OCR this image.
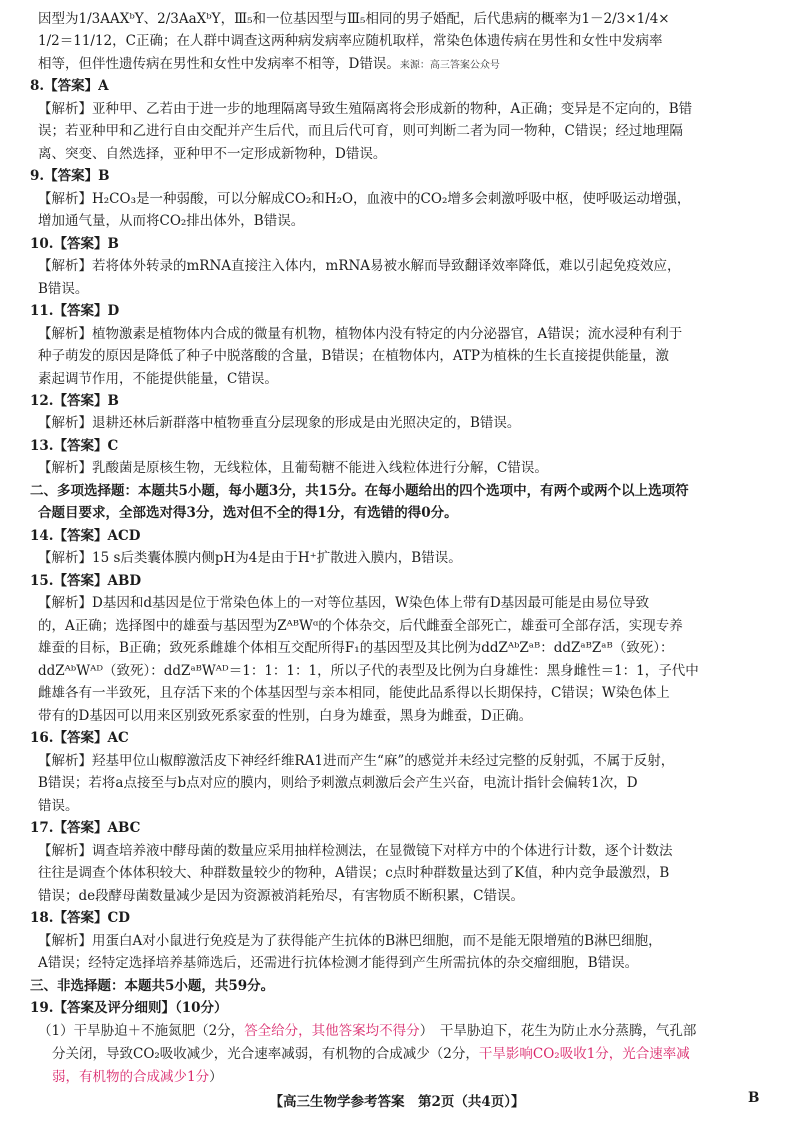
因型为1/3AAXᵇY、2/3AaXᵇY，Ⅲ₅和一位基因型与Ⅲ₅相同的男子婚配，后代患病的概率为1－2/3×1/4×
1/2＝11/12，C正确；在人群中调查这两种病发病率应随机取样，常染色体遗传病在男性和女性中发病率
相等，但伴性遗传病在男性和女性中发病率不相等，D错误。来源：高三答案公众号
8.【答案】A
【解析】亚种甲、乙若由于进一步的地理隔离导致生殖隔离将会形成新的物种，A正确；变异是不定向的，B错
误；若亚种甲和乙进行自由交配并产生后代，而且后代可育，则可判断二者为同一物种，C错误；经过地理隔
离、突变、自然选择，亚种甲不一定形成新物种，D错误。
9.【答案】B
【解析】H₂CO₃是一种弱酸，可以分解成CO₂和H₂O，血液中的CO₂增多会刺激呼吸中枢，使呼吸运动增强，
增加通气量，从而将CO₂排出体外，B错误。
10.【答案】B
【解析】若将体外转录的mRNA直接注入体内，mRNA易被水解而导致翻译效率降低，难以引起免疫效应，
B错误。
11.【答案】D
【解析】植物激素是植物体内合成的微量有机物，植物体内没有特定的内分泌器官，A错误；流水浸种有利于
种子萌发的原因是降低了种子中脱落酸的含量，B错误；在植物体内，ATP为植株的生长直接提供能量，激
素起调节作用，不能提供能量，C错误。
12.【答案】B
【解析】退耕还林后新群落中植物垂直分层现象的形成是由光照决定的，B错误。
13.【答案】C
【解析】乳酸菌是原核生物，无线粒体，且葡萄糖不能进入线粒体进行分解，C错误。
二、多项选择题：本题共5小题，每小题3分，共15分。在每小题给出的四个选项中，有两个或两个以上选项符
合题目要求，全部选对得3分，选对但不全的得1分，有选错的得0分。
14.【答案】ACD
【解析】15 s后类囊体膜内侧pH为4是由于H⁺扩散进入膜内，B错误。
15.【答案】ABD
【解析】D基因和d基因是位于常染色体上的一对等位基因，W染色体上带有D基因最可能是由易位导致
的，A正确；选择图中的雄蚕与基因型为ZᴬᴮWᵅ的个体杂交，后代雌蚕全部死亡，雄蚕可全部存活，实现专养
雄蚕的目标，B正确；致死系雌雄个体相互交配所得F₁的基因型及其比例为ddZᴬᵇZᵃᴮ：ddZᵃᴮZᵃᴮ（致死）：
ddZᴬᵇWᴬᴰ（致死）：ddZᵃᴮWᴬᴰ＝1：1：1：1，所以子代的表型及比例为白身雄性：黑身雌性＝1：1，子代中
雌雄各有一半致死，且存活下来的个体基因型与亲本相同，能使此品系得以长期保持，C错误；W染色体上
带有的D基因可以用来区别致死系家蚕的性别，白身为雄蚕，黑身为雌蚕，D正确。
16.【答案】AC
【解析】羟基甲位山椒醇激活皮下神经纤维RA1进而产生“麻”的感觉并未经过完整的反射弧，不属于反射，
B错误；若将a点接至与b点对应的膜内，则给予刺激点刺激后会产生兴奋，电流计指针会偏转1次，D
错误。
17.【答案】ABC
【解析】调查培养液中酵母菌的数量应采用抽样检测法，在显微镜下对样方中的个体进行计数，逐个计数法
往往是调查个体体积较大、种群数量较少的物种，A错误；c点时种群数量达到了K值，种内竞争最激烈，B
错误；de段酵母菌数量减少是因为资源被消耗殆尽，有害物质不断积累，C错误。
18.【答案】CD
【解析】用蛋白A对小鼠进行免疫是为了获得能产生抗体的B淋巴细胞，而不是能无限增殖的B淋巴细胞，
A错误；经特定选择培养基筛选后，还需进行抗体检测才能得到产生所需抗体的杂交瘤细胞，B错误。
三、非选择题：本题共5小题，共59分。
19.【答案及评分细则】（10分）
（1）干旱胁迫＋不施氮肥（2分，答全给分，其他答案均不得分）　干旱胁迫下，花生为防止水分蒸腾，气孔部
分关闭，导致CO₂吸收减少，光合速率减弱，有机物的合成减少（2分，干旱影响CO₂吸收1分，光合速率减
弱，有机物的合成减少1分）
【高三生物学参考答案　第2页（共4页）】	B
